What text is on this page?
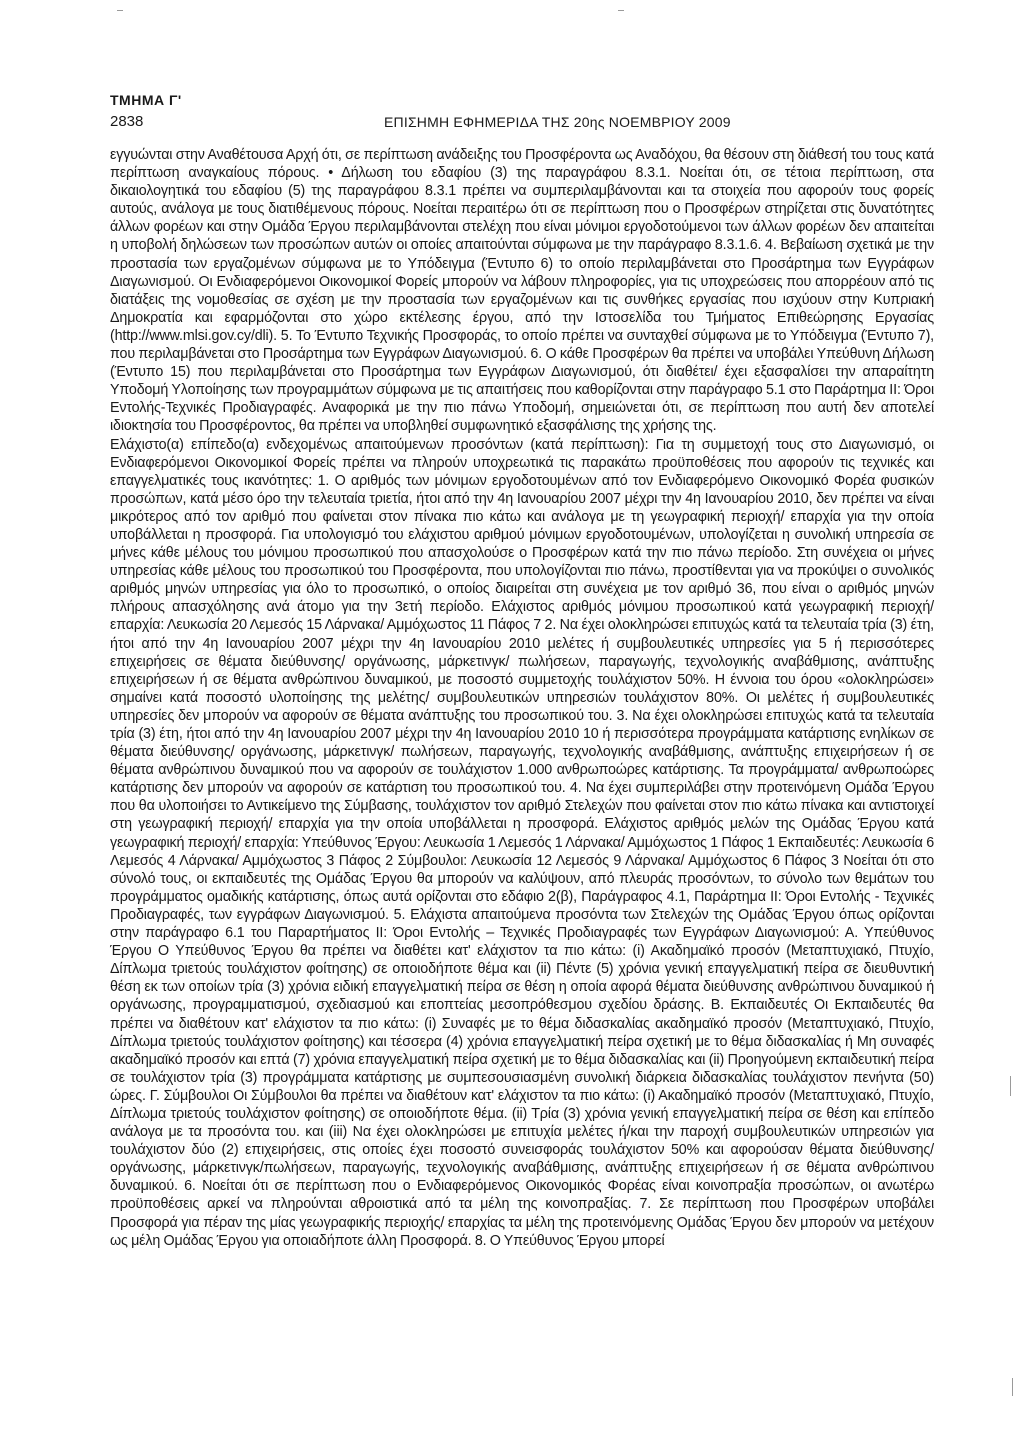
ΤΜΗΜΑ Γ'
2838	ΕΠΙΣΗΜΗ ΕΦΗΜΕΡΙΔΑ ΤΗΣ 20ης ΝΟΕΜΒΡΙΟΥ 2009

εγγυώνται στην Αναθέτουσα Αρχή ότι, σε περίπτωση ανάδειξης του Προσφέροντα ως Αναδόχου, θα θέσουν στη διάθεσή του τους κατά περίπτωση αναγκαίους πόρους. • Δήλωση του εδαφίου (3) της παραγράφου 8.3.1. Νοείται ότι, σε τέτοια περίπτωση, στα δικαιολογητικά του εδαφίου (5) της παραγράφου 8.3.1 πρέπει να συμπεριλαμβάνονται και τα στοιχεία που αφορούν τους φορείς αυτούς, ανάλογα με τους διατιθέμενους πόρους. Νοείται περαιτέρω ότι σε περίπτωση που ο Προσφέρων στηρίζεται στις δυνατότητες άλλων φορέων και στην Ομάδα Έργου περιλαμβάνονται στελέχη που είναι μόνιμοι εργοδοτούμενοι των άλλων φορέων δεν απαιτείται η υποβολή δηλώσεων των προσώπων αυτών οι οποίες απαιτούνται σύμφωνα με την παράγραφο 8.3.1.6. 4. Βεβαίωση σχετικά με την προστασία των εργαζομένων σύμφωνα με το Υπόδειγμα (Έντυπο 6) το οποίο περιλαμβάνεται στο Προσάρτημα των Εγγράφων Διαγωνισμού. Οι Ενδιαφερόμενοι Οικονομικοί Φορείς μπορούν να λάβουν πληροφορίες, για τις υποχρεώσεις που απορρέουν από τις διατάξεις της νομοθεσίας σε σχέση με την προστασία των εργαζομένων και τις συνθήκες εργασίας που ισχύουν στην Κυπριακή Δημοκρατία και εφαρμόζονται στο χώρο εκτέλεσης έργου, από την Ιστοσελίδα του Τμήματος Επιθεώρησης Εργασίας (http://www.mlsi.gov.cy/dli). 5. Το Έντυπο Τεχνικής Προσφοράς, το οποίο πρέπει να συνταχθεί σύμφωνα με το Υπόδειγμα (Έντυπο 7), που περιλαμβάνεται στο Προσάρτημα των Εγγράφων Διαγωνισμού. 6. Ο κάθε Προσφέρων θα πρέπει να υποβάλει Υπεύθυνη Δήλωση (Έντυπο 15) που περιλαμβάνεται στο Προσάρτημα των Εγγράφων Διαγωνισμού, ότι διαθέτει/ έχει εξασφαλίσει την απαραίτητη Υποδομή Υλοποίησης των προγραμμάτων σύμφωνα με τις απαιτήσεις που καθορίζονται στην παράγραφο 5.1 στο Παράρτημα ΙΙ: Όροι Εντολής-Τεχνικές Προδιαγραφές. Αναφορικά με την πιο πάνω Υποδομή, σημειώνεται ότι, σε περίπτωση που αυτή δεν αποτελεί ιδιοκτησία του Προσφέροντος, θα πρέπει να υποβληθεί συμφωνητικό εξασφάλισης της χρήσης της.

Ελάχιστο(α) επίπεδο(α) ενδεχομένως απαιτούμενων προσόντων (κατά περίπτωση): Για τη συμμετοχή τους στο Διαγωνισμό, οι Ενδιαφερόμενοι Οικονομικοί Φορείς πρέπει να πληρούν υποχρεωτικά τις παρακάτω προϋποθέσεις που αφορούν τις τεχνικές και επαγγελματικές τους ικανότητες: 1. Ο αριθμός των μόνιμων εργοδοτουμένων από τον Ενδιαφερόμενο Οικονομικό Φορέα φυσικών προσώπων, κατά μέσο όρο την τελευταία τριετία, ήτοι από την 4η Ιανουαρίου 2007 μέχρι την 4η Ιανουαρίου 2010, δεν πρέπει να είναι μικρότερος από τον αριθμό που φαίνεται στον πίνακα πιο κάτω και ανάλογα με τη γεωγραφική περιοχή/ επαρχία για την οποία υποβάλλεται η προσφορά. Για υπολογισμό του ελάχιστου αριθμού μόνιμων εργοδοτουμένων, υπολογίζεται η συνολική υπηρεσία σε μήνες κάθε μέλους του μόνιμου προσωπικού που απασχολούσε ο Προσφέρων κατά την πιο πάνω περίοδο. Στη συνέχεια οι μήνες υπηρεσίας κάθε μέλους του προσωπικού του Προσφέροντα, που υπολογίζονται πιο πάνω, προστίθενται για να προκύψει ο συνολικός αριθμός μηνών υπηρεσίας για όλο το προσωπικό, ο οποίος διαιρείται στη συνέχεια με τον αριθμό 36, που είναι ο αριθμός μηνών πλήρους απασχόλησης ανά άτομο για την 3ετή περίοδο. Ελάχιστος αριθμός μόνιμου προσωπικού κατά γεωγραφική περιοχή/ επαρχία: Λευκωσία 20 Λεμεσός 15 Λάρνακα/ Αμμόχωστος 11 Πάφος 7 2. Να έχει ολοκληρώσει επιτυχώς κατά τα τελευταία τρία (3) έτη, ήτοι από την 4η Ιανουαρίου 2007 μέχρι την 4η Ιανουαρίου 2010 μελέτες ή συμβουλευτικές υπηρεσίες για 5 ή περισσότερες επιχειρήσεις σε θέματα διεύθυνσης/ οργάνωσης, μάρκετινγκ/ πωλήσεων, παραγωγής, τεχνολογικής αναβάθμισης, ανάπτυξης επιχειρήσεων ή σε θέματα ανθρώπινου δυναμικού, με ποσοστό συμμετοχής τουλάχιστον 50%. Η έννοια του όρου «ολοκληρώσει» σημαίνει κατά ποσοστό υλοποίησης της μελέτης/ συμβουλευτικών υπηρεσιών τουλάχιστον 80%. Οι μελέτες ή συμβουλευτικές υπηρεσίες δεν μπορούν να αφορούν σε θέματα ανάπτυξης του προσωπικού του. 3. Να έχει ολοκληρώσει επιτυχώς κατά τα τελευταία τρία (3) έτη, ήτοι από την 4η Ιανουαρίου 2007 μέχρι την 4η Ιανουαρίου 2010 10 ή περισσότερα προγράμματα κατάρτισης ενηλίκων σε θέματα διεύθυνσης/ οργάνωσης, μάρκετινγκ/ πωλήσεων, παραγωγής, τεχνολογικής αναβάθμισης, ανάπτυξης επιχειρήσεων ή σε θέματα ανθρώπινου δυναμικού που να αφορούν σε τουλάχιστον 1.000 ανθρωποώρες κατάρτισης. Τα προγράμματα/ ανθρωποώρες κατάρτισης δεν μπορούν να αφορούν σε κατάρτιση του προσωπικού του. 4. Να έχει συμπεριλάβει στην προτεινόμενη Ομάδα Έργου που θα υλοποιήσει το Αντικείμενο της Σύμβασης, τουλάχιστον τον αριθμό Στελεχών που φαίνεται στον πιο κάτω πίνακα και αντιστοιχεί στη γεωγραφική περιοχή/ επαρχία για την οποία υποβάλλεται η προσφορά. Ελάχιστος αριθμός μελών της Ομάδας Έργου κατά γεωγραφική περιοχή/ επαρχία: Υπεύθυνος Έργου: Λευκωσία 1 Λεμεσός 1 Λάρνακα/ Αμμόχωστος 1 Πάφος 1 Εκπαιδευτές: Λευκωσία 6 Λεμεσός 4 Λάρνακα/ Αμμόχωστος 3 Πάφος 2 Σύμβουλοι: Λευκωσία 12 Λεμεσός 9 Λάρνακα/ Αμμόχωστος 6 Πάφος 3 Νοείται ότι στο σύνολό τους, οι εκπαιδευτές της Ομάδας Έργου θα μπορούν να καλύψουν, από πλευράς προσόντων, το σύνολο των θεμάτων του προγράμματος ομαδικής κατάρτισης, όπως αυτά ορίζονται στο εδάφιο 2(β), Παράγραφος 4.1, Παράρτημα ΙΙ: Όροι Εντολής - Τεχνικές Προδιαγραφές, των εγγράφων Διαγωνισμού. 5. Ελάχιστα απαιτούμενα προσόντα των Στελεχών της Ομάδας Έργου όπως ορίζονται στην παράγραφο 6.1 του Παραρτήματος ΙΙ: Όροι Εντολής – Τεχνικές Προδιαγραφές των Εγγράφων Διαγωνισμού: Α. Υπεύθυνος Έργου Ο Υπεύθυνος Έργου θα πρέπει να διαθέτει κατ' ελάχιστον τα πιο κάτω: (i) Ακαδημαϊκό προσόν (Μεταπτυχιακό, Πτυχίο, Δίπλωμα τριετούς τουλάχιστον φοίτησης) σε οποιοδήποτε θέμα και (ii) Πέντε (5) χρόνια γενική επαγγελματική πείρα σε διευθυντική θέση εκ των οποίων τρία (3) χρόνια ειδική επαγγελματική πείρα σε θέση η οποία αφορά θέματα διεύθυνσης ανθρώπινου δυναμικού ή οργάνωσης, προγραμματισμού, σχεδιασμού και εποπτείας μεσοπρόθεσμου σχεδίου δράσης. Β. Εκπαιδευτές Οι Εκπαιδευτές θα πρέπει να διαθέτουν κατ' ελάχιστον τα πιο κάτω: (i) Συναφές με το θέμα διδασκαλίας ακαδημαϊκό προσόν (Μεταπτυχιακό, Πτυχίο, Δίπλωμα τριετούς τουλάχιστον φοίτησης) και τέσσερα (4) χρόνια επαγγελματική πείρα σχετική με το θέμα διδασκαλίας ή Μη συναφές ακαδημαϊκό προσόν και επτά (7) χρόνια επαγγελματική πείρα σχετική με το θέμα διδασκαλίας και (ii) Προηγούμενη εκπαιδευτική πείρα σε τουλάχιστον τρία (3) προγράμματα κατάρτισης με συμπεσουσιασμένη συνολική διάρκεια διδασκαλίας τουλάχιστον πενήντα (50) ώρες. Γ. Σύμβουλοι Οι Σύμβουλοι θα πρέπει να διαθέτουν κατ' ελάχιστον τα πιο κάτω: (i) Ακαδημαϊκό προσόν (Μεταπτυχιακό, Πτυχίο, Δίπλωμα τριετούς τουλάχιστον φοίτησης) σε οποιοδήποτε θέμα. (ii) Τρία (3) χρόνια γενική επαγγελματική πείρα σε θέση και επίπεδο ανάλογα με τα προσόντα του. και (iii) Να έχει ολοκληρώσει με επιτυχία μελέτες ή/και την παροχή συμβουλευτικών υπηρεσιών για τουλάχιστον δύο (2) επιχειρήσεις, στις οποίες έχει ποσοστό συνεισφοράς τουλάχιστον 50% και αφορούσαν θέματα διεύθυνσης/οργάνωσης, μάρκετινγκ/πωλήσεων, παραγωγής, τεχνολογικής αναβάθμισης, ανάπτυξης επιχειρήσεων ή σε θέματα ανθρώπινου δυναμικού. 6. Νοείται ότι σε περίπτωση που ο Ενδιαφερόμενος Οικονομικός Φορέας είναι κοινοπραξία προσώπων, οι ανωτέρω προϋποθέσεις αρκεί να πληρούνται αθροιστικά από τα μέλη της κοινοπραξίας. 7. Σε περίπτωση που Προσφέρων υποβάλει Προσφορά για πέραν της μίας γεωγραφικής περιοχής/ επαρχίας τα μέλη της προτεινόμενης Ομάδας Έργου δεν μπορούν να μετέχουν ως μέλη Ομάδας Έργου για οποιαδήποτε άλλη Προσφορά. 8. Ο Υπεύθυνος Έργου μπορεί
